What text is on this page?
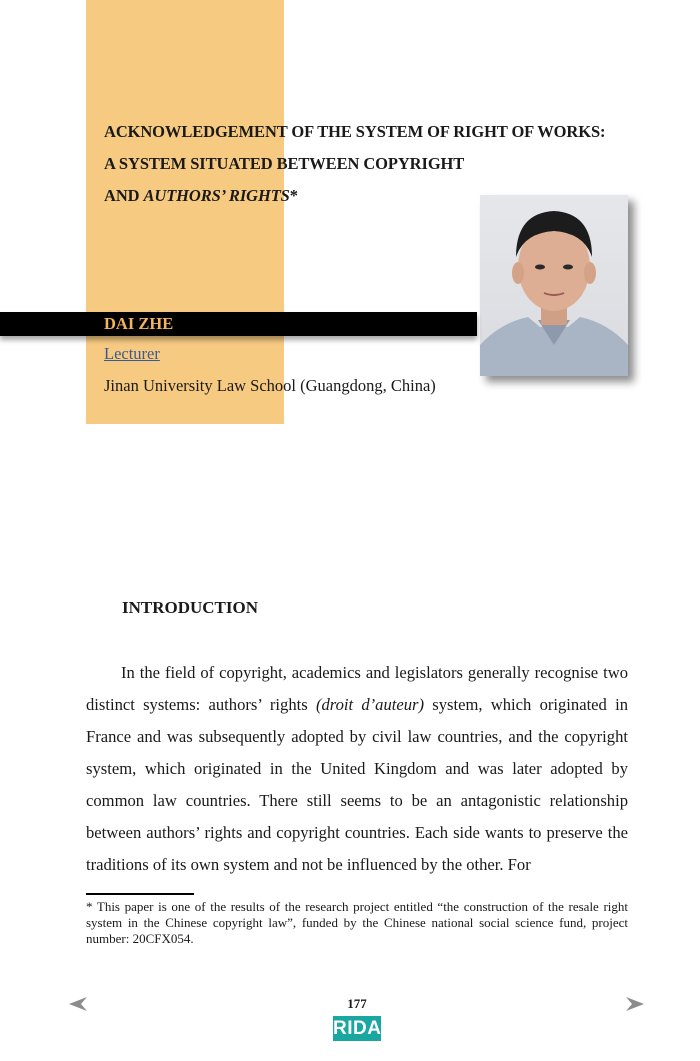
ACKNOWLEDGEMENT OF THE SYSTEM OF RIGHT OF WORKS:
A SYSTEM SITUATED BETWEEN COPYRIGHT
AND AUTHORS’ RIGHTS*
DAI ZHE
Lecturer
Jinan University Law School (Guangdong, China)
INTRODUCTION

In the field of copyright, academics and legislators generally recognise two distinct systems: authors’ rights (droit d’auteur) system, which originated in France and was subsequently adopted by civil law countries, and the copyright system, which originated in the United Kingdom and was later adopted by common law countries. There still seems to be an antagonistic relationship between authors’ rights and copyright countries. Each side wants to preserve the traditions of its own system and not be influenced by the other. For

* This paper is one of the results of the research project entitled “the construction of the resale right system in the Chinese copyright law”, funded by the Chinese national social science fund, project number: 20CFX054.

177
RIDA
